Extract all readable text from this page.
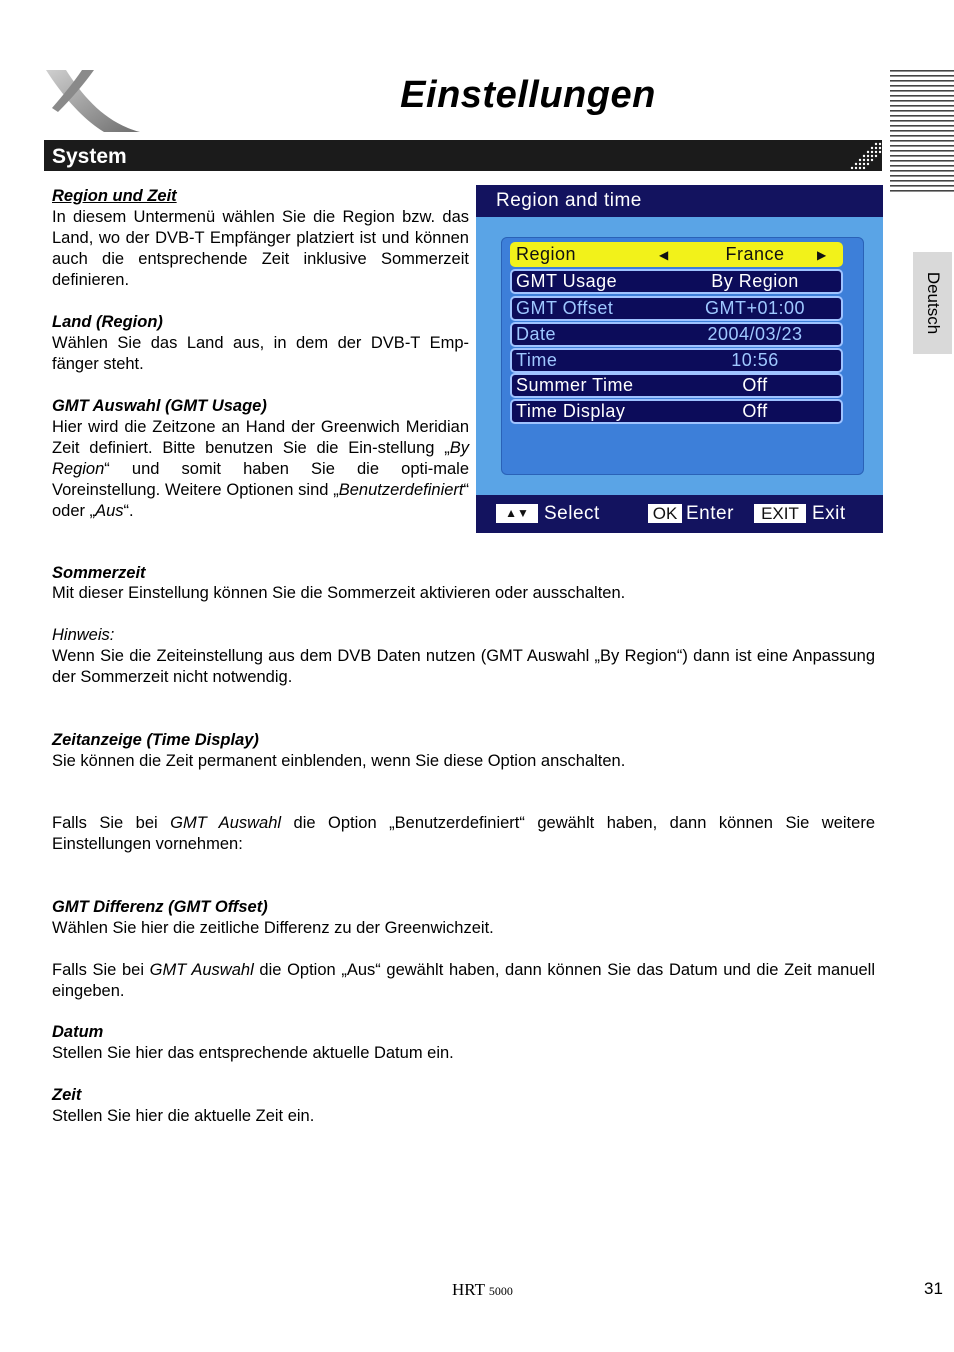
Einstellungen
Deutsch
System
Region und Zeit
In diesem Untermenü wählen Sie die Region bzw. das Land, wo der DVB-T Empfänger platziert ist und können auch die entsprechende Zeit inklusive Sommerzeit definieren.
Land (Region)
Wählen Sie das Land aus, in dem der DVB-T Emp-fänger steht.
GMT Auswahl (GMT Usage)
Hier wird die Zeitzone an Hand der Greenwich Meridian Zeit definiert. Bitte benutzen Sie die Ein-stellung „By Region“ und somit haben Sie die opti-male Voreinstellung. Weitere Optionen sind „Benutzerdefiniert“ oder „Aus“.
Region and time
Region	◀	France	▶
GMT Usage	By Region
GMT Offset	GMT+01:00
Date	2004/03/23
Time	10:56
Summer Time	Off
Time Display	Off
▲▼ Select	OK Enter	EXIT Exit
Sommerzeit
Mit dieser Einstellung können Sie die Sommerzeit aktivieren oder ausschalten.
Hinweis:
Wenn Sie die Zeiteinstellung aus dem DVB Daten nutzen (GMT Auswahl „By Region“) dann ist eine Anpassung der Sommerzeit nicht notwendig.
Zeitanzeige (Time Display)
Sie können die Zeit permanent einblenden, wenn Sie diese Option anschalten.
Falls Sie bei GMT Auswahl die Option „Benutzerdefiniert“ gewählt haben, dann können Sie weitere Einstellungen vornehmen:
GMT Differenz (GMT Offset)
Wählen Sie hier die zeitliche Differenz zu der Greenwichzeit.
Falls Sie bei GMT Auswahl die Option „Aus“ gewählt haben, dann können Sie das Datum und die Zeit manuell eingeben.
Datum
Stellen Sie hier das entsprechende aktuelle Datum ein.
Zeit
Stellen Sie hier die aktuelle Zeit ein.
HRT 5000	31
